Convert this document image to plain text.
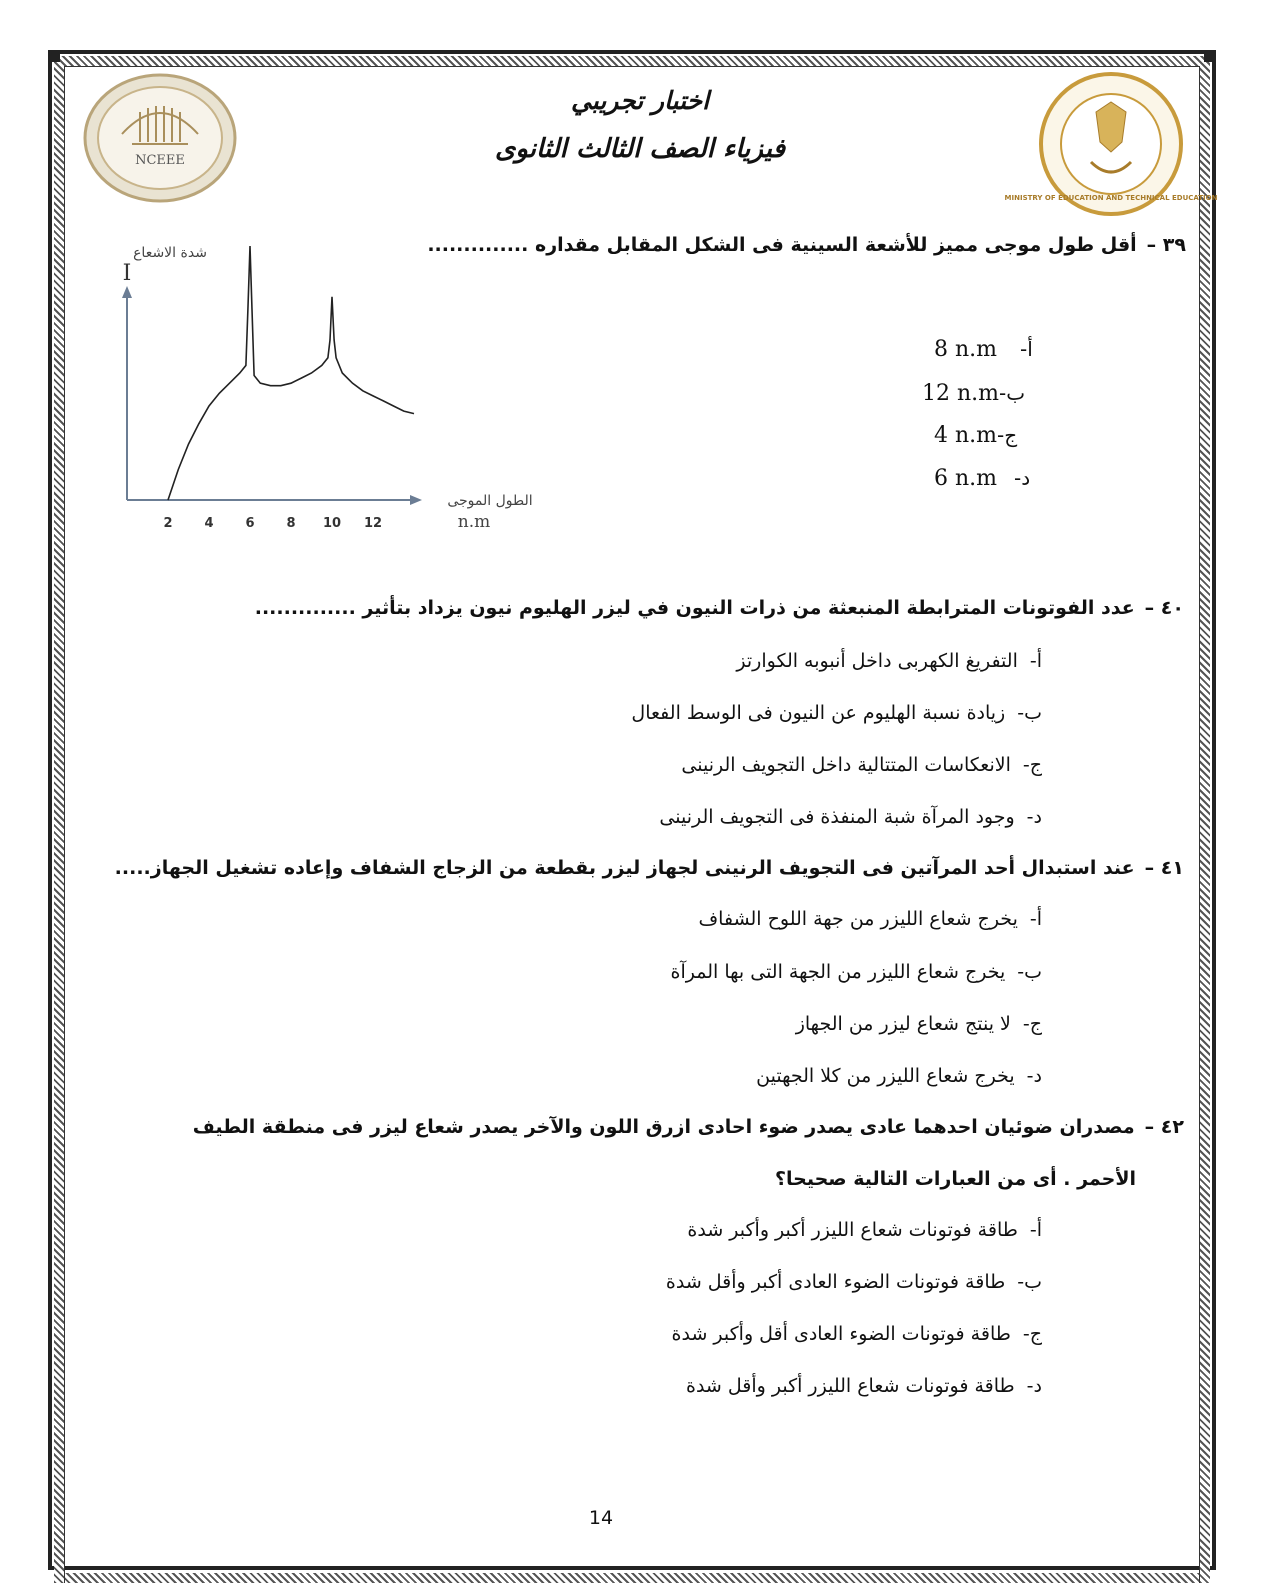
اختبار تجريبي
فيزياء الصف الثالث الثانوى
NCEEE
MINISTRY OF EDUCATION AND TECHNICAL EDUCATION
٣٩ –أقل طول موجى مميز للأشعة السينية فى الشكل المقابل مقداره ..............
شدة الاشعاع
I
الطول الموجى
n.m
2 4 6 8 10 12
8 n.m أ-
12 n.mب-
4 n.mج-
6 n.m د-
٤٠ –عدد الفوتونات المترابطة المنبعثة من ذرات النيون في ليزر الهليوم نيون يزداد بتأثير ..............
أ-التفريغ الكهربى داخل أنبوبه الكوارتز
ب-زيادة نسبة الهليوم عن النيون فى الوسط الفعال
ج-الانعكاسات المتتالية داخل التجويف الرنينى
د-وجود المرآة شبة المنفذة فى التجويف الرنينى
٤١ –عند استبدال أحد المرآتين فى التجويف الرنينى لجهاز ليزر بقطعة من الزجاج الشفاف وإعاده تشغيل الجهاز.....
أ-يخرج شعاع الليزر من جهة اللوح الشفاف
ب-يخرج شعاع الليزر من الجهة التى بها المرآة
ج-لا ينتج شعاع ليزر من الجهاز
د-يخرج شعاع الليزر من كلا الجهتين
٤٢ –مصدران ضوئيان احدهما عادى يصدر ضوء احادى ازرق اللون والآخر يصدر شعاع ليزر فى منطقة الطيف
الأحمر . أى من العبارات التالية صحيحا؟
أ-طاقة فوتونات شعاع الليزر أكبر وأكبر شدة
ب-طاقة فوتونات الضوء العادى أكبر وأقل شدة
ج-طاقة فوتونات الضوء العادى أقل وأكبر شدة
د-طاقة فوتونات شعاع الليزر أكبر وأقل شدة
14
